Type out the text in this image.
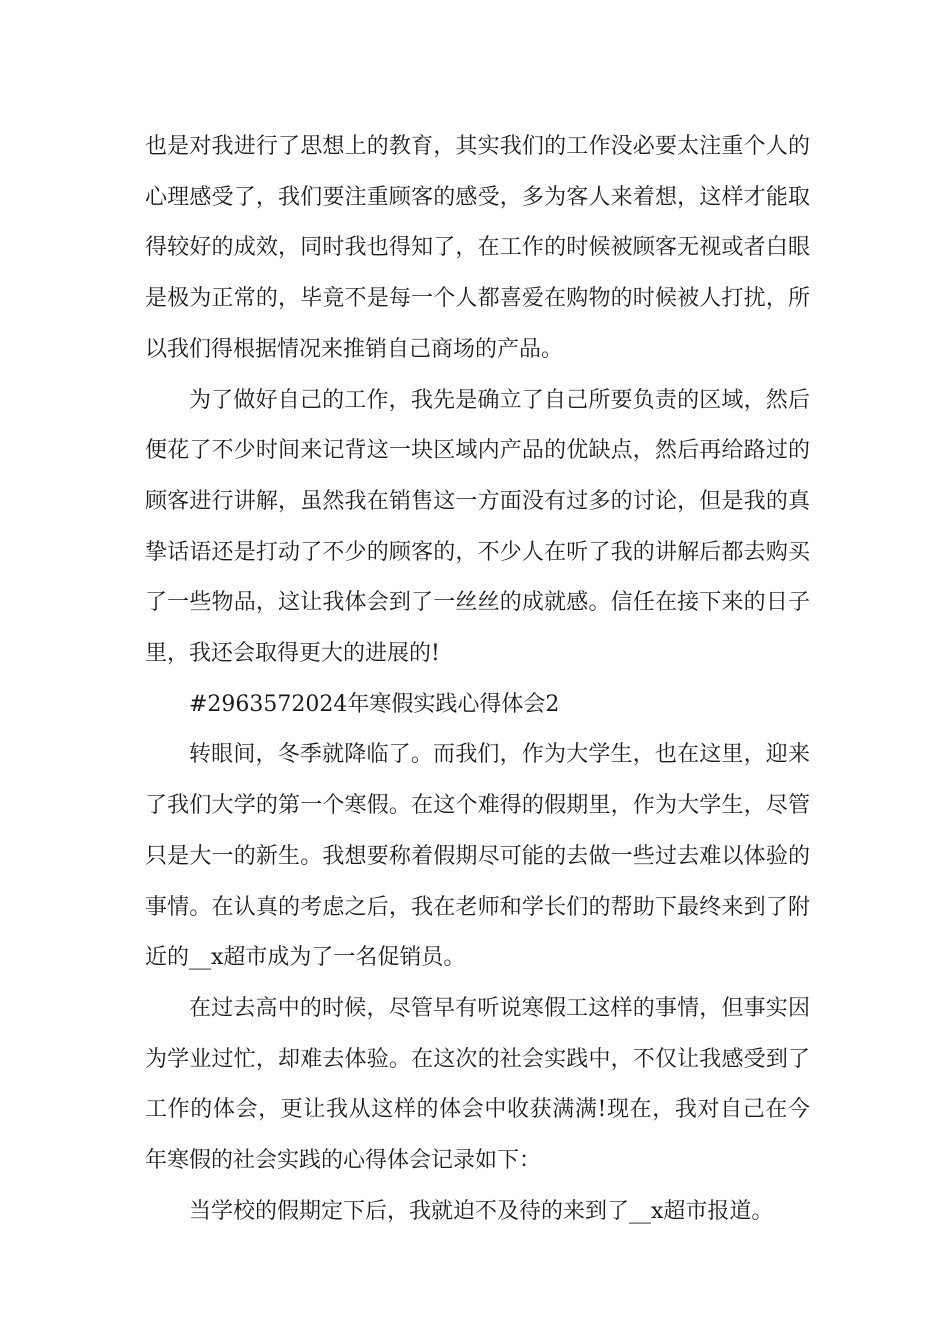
也是对我进行了思想上的教育，其实我们的工作没必要太注重个人的心理感受了，我们要注重顾客的感受，多为客人来着想，这样才能取得较好的成效，同时我也得知了，在工作的时候被顾客无视或者白眼是极为正常的，毕竟不是每一个人都喜爱在购物的时候被人打扰，所以我们得根据情况来推销自己商场的产品。

为了做好自己的工作，我先是确立了自己所要负责的区域，然后便花了不少时间来记背这一块区域内产品的优缺点，然后再给路过的顾客进行讲解，虽然我在销售这一方面没有过多的讨论，但是我的真挚话语还是打动了不少的顾客的，不少人在听了我的讲解后都去购买了一些物品，这让我体会到了一丝丝的成就感。信任在接下来的日子里，我还会取得更大的进展的!

#2963572024年寒假实践心得体会2

转眼间，冬季就降临了。而我们，作为大学生，也在这里，迎来了我们大学的第一个寒假。在这个难得的假期里，作为大学生，尽管只是大一的新生。我想要称着假期尽可能的去做一些过去难以体验的事情。在认真的考虑之后，我在老师和学长们的帮助下最终来到了附近的__x超市成为了一名促销员。

在过去高中的时候，尽管早有听说寒假工这样的事情，但事实因为学业过忙，却难去体验。在这次的社会实践中，不仅让我感受到了工作的体会，更让我从这样的体会中收获满满!现在，我对自己在今年寒假的社会实践的心得体会记录如下：

当学校的假期定下后，我就迫不及待的来到了__x超市报道。
